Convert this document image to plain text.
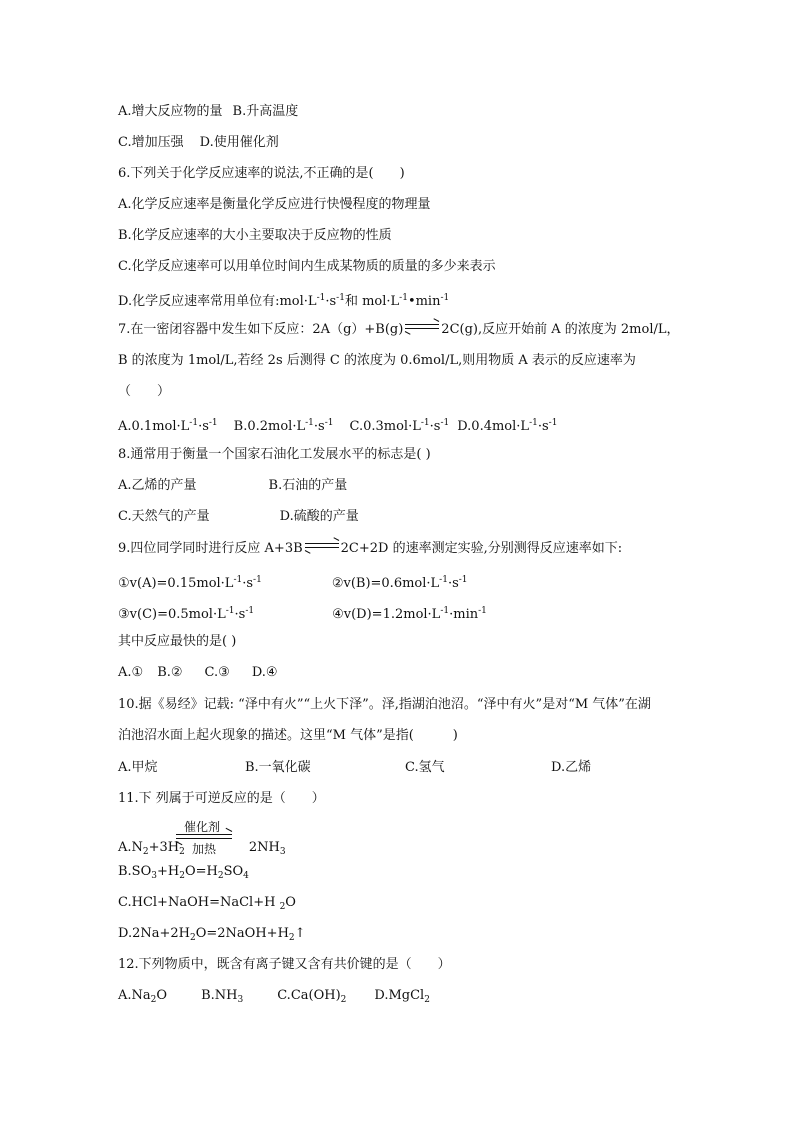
A.增大反应物的量 B.升高温度
C.增加压强 D.使用催化剂
6.下列关于化学反应速率的说法,不正确的是(　　)
A.化学反应速率是衡量化学反应进行快慢程度的物理量
B.化学反应速率的大小主要取决于反应物的性质
C.化学反应速率可以用单位时间内生成某物质的质量的多少来表示
D.化学反应速率常用单位有$:mol\cdot L^{-1}\cdot s^{-1}$和 $mol\cdot L^{-1}•\min^{-1}$
7.在一密闭容器中发生如下反应：2A（g）+B(g)	2C(g),反应开始前 A 的浓度为 2mol/L，
B 的浓度为 1mol/L,若经 2s 后测得 C 的浓度为 0.6mol/L,则用物质 A 表示的反应速率为
（　　）
$A.0.1mol\cdot L^{-1}\cdot s^{-1}$ $B.0.2mol\cdot L^{-1}\cdot s^{-1}$ $C.0.3mol\cdot L^{-1}\cdot s^{-1}$ $D.0.4mol\cdot L^{-1}\cdot s^{-1}$
8.通常用于衡量一个国家石油化工发展水平的标志是( )
A.乙烯的产量	B.石油的产量
C.天然气的产量	D.硫酸的产量
9.四位同学同时进行反应 A+3B	2C+2D 的速率测定实验,分别测得反应速率如下:
$①v(A)=0.15mol\cdot L^{-1}\cdot s^{-1}$	$②v(B)=0.6mol\cdot L^{-1}\cdot s^{-1}$
$③v(C)=0.5mol\cdot L^{-1}\cdot s^{-1}$	$④v(D)=1.2mol\cdot L^{-1}\cdot\min^{-1}$
其中反应最快的是( )
A.① B.② C.③ D.④
10.据《易经》记载: “泽中有火”“上火下泽”。泽,指湖泊池沼。“泽中有火”是对“M 气体”在湖
泊池沼水面上起火现象的描述。这里“M 气体”是指(　　　)
A.甲烷	B.一氧化碳	C.氢气	D.乙烯
11.下 列属于可逆反应的是（　　）
催化剂
加热
$A.N_2+3H_2$	$2NH_3$
$B.SO_3+H_2O=H_2SO_4$
C.HCl+NaOH=NaCl+H $_2$O
$D.2Na+2H_2O=2NaOH+H_2↑$
12.下列物质中，既含有离子键又含有共价键的是（　　）
$A.Na_2O$	$B.NH_3$	$C.Ca(OH)_2$ D.MgCl$_2$
